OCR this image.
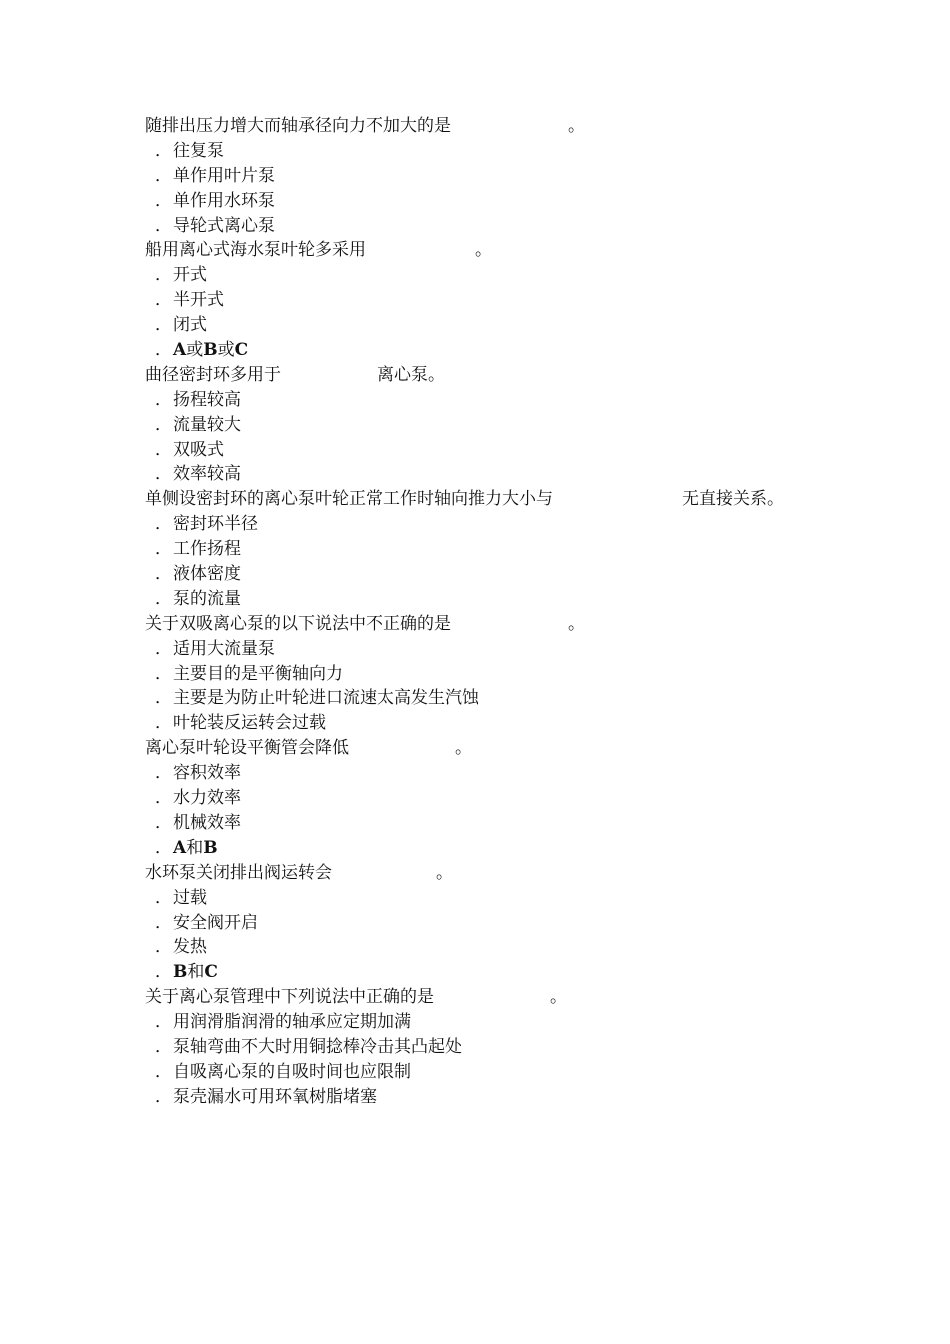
随排出压力增大而轴承径向力不加大的是	。
．往复泵
．单作用叶片泵
．单作用水环泵
．导轮式离心泵
船用离心式海水泵叶轮多采用	。
．开式
．半开式
．闭式
．A或B或C
曲径密封环多用于	离心泵。
．扬程较高
．流量较大
．双吸式
．效率较高
单侧设密封环的离心泵叶轮正常工作时轴向推力大小与	无直接关系。
．密封环半径
．工作扬程
．液体密度
．泵的流量
关于双吸离心泵的以下说法中不正确的是	。
．适用大流量泵
．主要目的是平衡轴向力
．主要是为防止叶轮进口流速太高发生汽蚀
．叶轮装反运转会过载
离心泵叶轮设平衡管会降低	。
．容积效率
．水力效率
．机械效率
．A和B
水环泵关闭排出阀运转会	。
．过载
．安全阀开启
．发热
．B和C
关于离心泵管理中下列说法中正确的是	。
．用润滑脂润滑的轴承应定期加满
．泵轴弯曲不大时用铜捻棒冷击其凸起处
．自吸离心泵的自吸时间也应限制
．泵壳漏水可用环氧树脂堵塞
